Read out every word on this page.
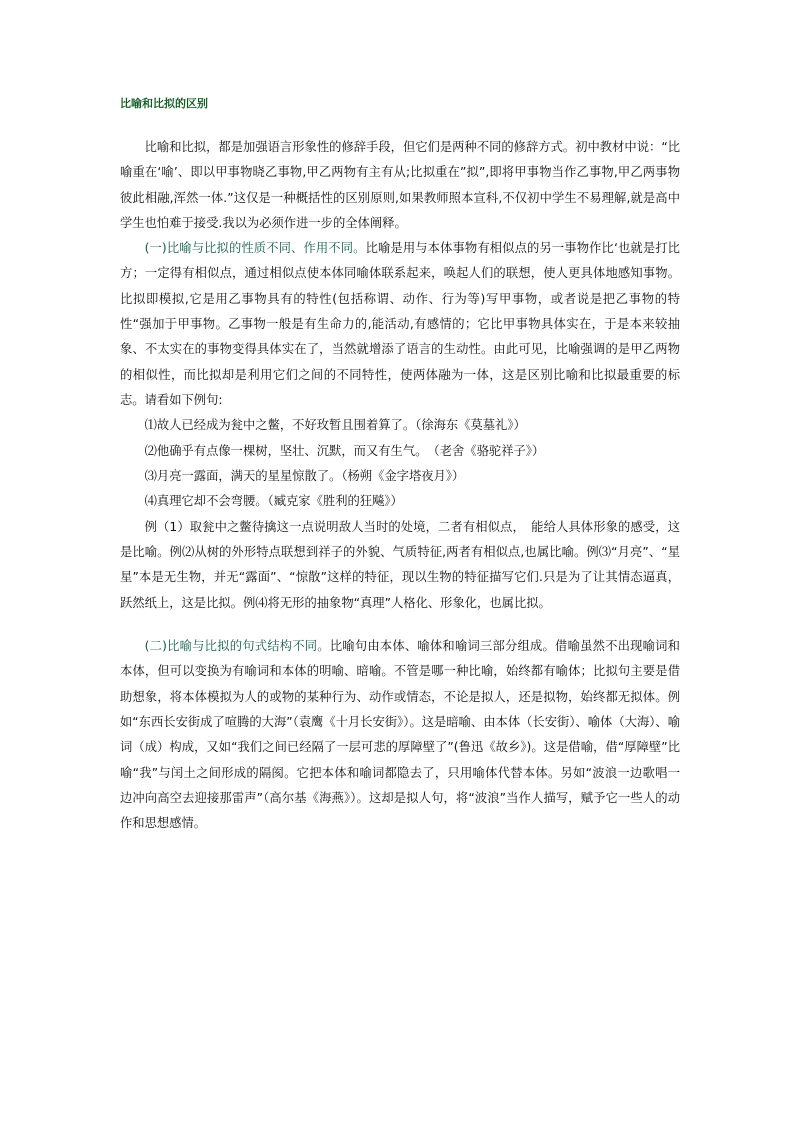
比喻和比拟的区别

比喻和比拟，都是加强语言形象性的修辞手段，但它们是两种不同的修辞方式。初中教材中说：“比喻重在‘喻’、即以甲事物晓乙事物,甲乙两物有主有从;比拟重在”拟”,即将甲事物当作乙事物,甲乙两事物彼此相融,浑然一体.”这仅是一种概括性的区别原则,如果教师照本宣科,不仅初中学生不易理解,就是高中学生也怕难于接受.我以为必须作进一步的全体阐释。

(一)比喻与比拟的性质不同、作用不同。比喻是用与本体事物有相似点的另一事物作比‘也就是打比方；一定得有相似点，通过相似点使本体同喻体联系起来，唤起人们的联想，使人更具体地感知事物。比拟即模拟,它是用乙事物具有的特性(包括称谓、动作、行为等)写甲事物，或者说是把乙事物的特性“强加于甲事物。乙事物一般是有生命力的,能活动,有感情的；它比甲事物具体实在，于是本来较抽象、不太实在的事物变得具体实在了，当然就增添了语言的生动性。由此可见，比喻强调的是甲乙两物的相似性，而比拟却是利用它们之间的不同特性，使两体融为一体，这是区别比喻和比拟最重要的标志。请看如下例句:

⑴故人已经成为瓮中之鳖，不好玫暂且围着算了。（徐海东《莫墓礼》）

⑵他确乎有点像一棵树，坚壮、沉默，而又有生气。　（老舍《骆驼祥子》）

⑶月亮一露面，满天的星星惊散了。（杨朔《金字塔夜月》）

⑷真理它却不会弯腰。（臧克家《胜利的狂飚》）

例（1）取瓮中之鳖待擒这一点说明敌人当时的处境，二者有相似点，　能给人具体形象的感受，这是比喻。例⑵从树的外形特点联想到祥子的外貌、气质特征,两者有相似点,也属比喻。例⑶“月亮”、“星星”本是无生物，并无“露面”、“惊散”这样的特征，现以生物的特征描写它们.只是为了让其情态逼真，跃然纸上，这是比拟。例⑷将无形的抽象物“真理”人格化、形象化，也属比拟。

(二)比喻与比拟的句式结构不同。比喻句由本体、喻体和喻词三部分组成。借喻虽然不出现喻词和本体，但可以变换为有喻词和本体的明喻、暗喻。不管是哪一种比喻，始终都有喻体；比拟句主要是借助想象，将本体模拟为人的或物的某种行为、动作或情态，不论是拟人，还是拟物，始终都无拟体。例如“东西长安街成了喧腾的大海”（袁鹰《十月长安街》）。这是暗喻、由本体（长安街）、喻体（大海）、喻词（成）构成，又如“我们之间已经隔了一层可悲的厚障壁了”(鲁迅《故乡》)。这是借喻，借“厚障壁”比喻“我”与闰土之间形成的隔阂。它把本体和喻词都隐去了，只用喻体代替本体。另如“波浪一边歌唱一边冲向高空去迎接那雷声”（高尔基《海燕》）。这却是拟人句，将“波浪”当作人描写，赋予它一些人的动作和思想感情。
